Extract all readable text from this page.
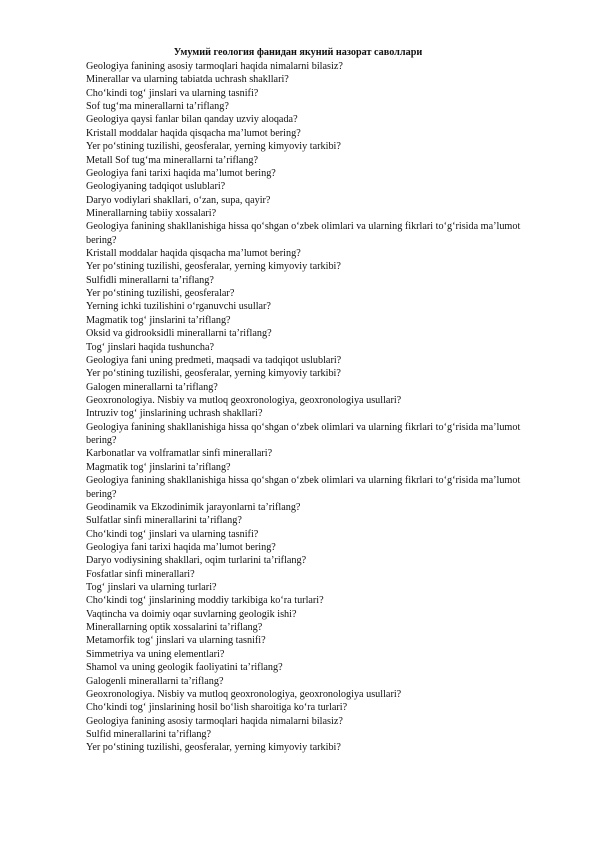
Умумий геология фанидан якуний назорат саволлари
Geologiya fanining asosiy tarmoqlari haqida nimalarni bilasiz?
Minerallar va ularning tabiatda uchrash shakllari?
Cho‘kindi tog‘ jinslari va ularning tasnifi?
Sof tug‘ma minerallarni ta’riflang?
Geologiya qaysi fanlar bilan qanday uzviy aloqada?
Kristall moddalar haqida qisqacha ma’lumot bering?
Yer po‘stining tuzilishi, geosferalar, yerning kimyoviy tarkibi?
Metall Sof tug‘ma minerallarni ta’riflang?
Geologiya fani tarixi haqida ma’lumot bering?
Geologiyaning tadqiqot uslublari?
Daryo vodiylari shakllari, o‘zan, supa, qayir?
Minerallarning tabiiy xossalari?
Geologiya fanining shakllanishiga hissa qo‘shgan o‘zbek olimlari va ularning fikrlari to‘g‘risida ma’lumot bering?
Kristall moddalar haqida qisqacha ma’lumot bering?
Yer po‘stining tuzilishi, geosferalar, yerning kimyoviy tarkibi?
Sulfidli minerallarni ta’riflang?
Yer po‘stining tuzilishi, geosferalar?
Yerning ichki tuzilishini o‘rganuvchi usullar?
Magmatik tog‘ jinslarini ta’riflang?
Oksid va gidrooksidli minerallarni ta’riflang?
Tog‘ jinslari haqida tushuncha?
Geologiya fani uning predmeti, maqsadi va tadqiqot uslublari?
Yer po‘stining tuzilishi, geosferalar, yerning kimyoviy tarkibi?
Galogen minerallarni ta’riflang?
Geoxronologiya. Nisbiy va mutloq geoxronologiya, geoxronologiya usullari?
Intruziv tog‘ jinslarining uchrash shakllari?
Geologiya fanining shakllanishiga hissa qo‘shgan o‘zbek olimlari va ularning fikrlari to‘g‘risida ma’lumot bering?
Karbonatlar va volframatlar sinfi minerallari?
Magmatik tog‘ jinslarini ta’riflang?
Geologiya fanining shakllanishiga hissa qo‘shgan o‘zbek olimlari va ularning fikrlari to‘g‘risida ma’lumot bering?
Geodinamik va Ekzodinimik jarayonlarni ta’riflang?
Sulfatlar sinfi minerallarini ta’riflang?
Cho‘kindi tog‘ jinslari va ularning tasnifi?
Geologiya fani tarixi haqida ma’lumot bering?
Daryo vodiysining shakllari, oqim turlarini ta’riflang?
Fosfatlar sinfi minerallari?
Tog‘ jinslari va ularning turlari?
Cho‘kindi tog‘ jinslarining moddiy tarkibiga ko‘ra turlari?
Vaqtincha va doimiy oqar suvlarning geologik ishi?
Minerallarning optik xossalarini ta’riflang?
Metamorfik tog‘ jinslari va ularning tasnifi?
Simmetriya va uning elementlari?
Shamol va uning geologik faoliyatini ta’riflang?
Galogenli minerallarni ta’riflang?
Geoxronologiya. Nisbiy va mutloq geoxronologiya, geoxronologiya usullari?
Cho‘kindi tog‘ jinslarining hosil bo‘lish sharoitiga ko‘ra turlari?
Geologiya fanining asosiy tarmoqlari haqida nimalarni bilasiz?
Sulfid minerallarini ta’riflang?
Yer po‘stining tuzilishi, geosferalar, yerning kimyoviy tarkibi?
